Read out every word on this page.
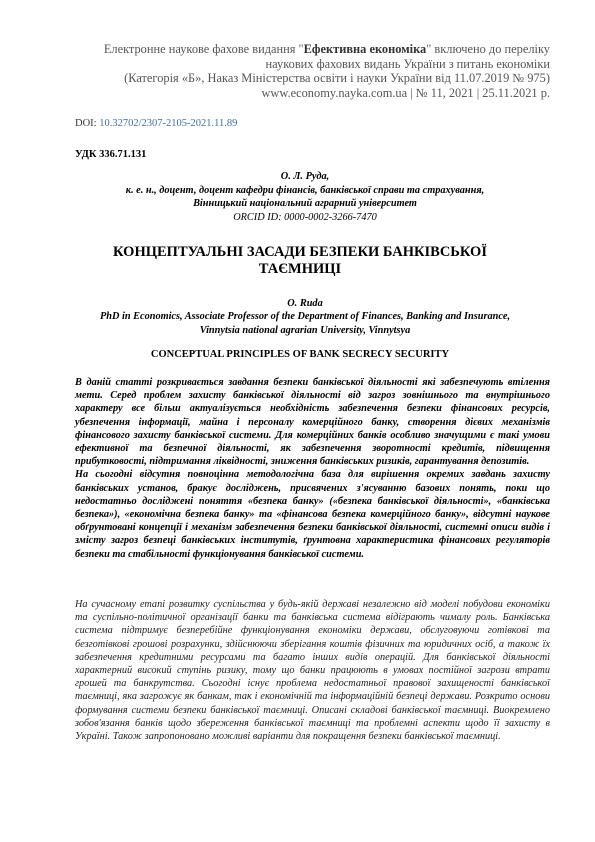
Електронне наукове фахове видання "Ефективна економіка" включено до переліку
наукових фахових видань України з питань економіки
(Категорія «Б», Наказ Міністерства освіти і науки України від 11.07.2019 № 975)
www.economy.nayka.com.ua | № 11, 2021 | 25.11.2021 р.
DOI: 10.32702/2307-2105-2021.11.89
УДК 336.71.131
О. Л. Руда,
к. е. н., доцент, доцент кафедри фінансів, банківської справи та страхування,
Вінницький національний аграрний університет
ORCID ID: 0000-0002-3266-7470
КОНЦЕПТУАЛЬНІ ЗАСАДИ БЕЗПЕКИ БАНКІВСЬКОЇ ТАЄМНИЦІ
O. Ruda
PhD in Economics, Associate Professor of the Department of Finances, Banking and Insurance,
Vinnytsia national agrarian University, Vinnytsya
CONCEPTUAL PRINCIPLES OF BANK SECRECY SECURITY

В даній статті розкривається завдання безпеки банківської діяльності які забезпечують втілення мети. Серед проблем захисту банківської діяльності від загроз зовнішнього та внутрішнього характеру все більш актуалізується необхідність забезпечення безпеки фінансових ресурсів, убезпечення інформації, майна і персоналу комерційного банку, створення дієвих механізмів фінансового захисту банківської системи. Для комерційних банків особливо значущими є такі умови ефективної та безпечної діяльності, як забезпечення зворотності кредитів, підвищення прибутковості, підтримання ліквідності, зниження банківських ризиків, гарантування депозитів.

На сьогодні відсутня повноцінна методологічна база для вирішення окремих завдань захисту банківських установ, бракує досліджень, присвячених з'ясуванню базових понять, поки що недостатньо досліджені поняття «безпека банку» («безпека банківської діяльності», «банківська безпека»), «економічна безпека банку» та «фінансова безпека комерційного банку», відсутні наукове обґрунтовані концепції і механізм забезпечення безпеки банківської діяльності, системні описи видів і змісту загроз безпеці банківських інститутів, ґрунтовна характеристика фінансових регуляторів безпеки та стабільності функціонування банківської системи.

На сучасному етапі розвитку суспільства у будь-якій державі незалежно від моделі побудови економіки та суспільно-політичної організації банки та банківська система відіграють чималу роль. Банківська система підтримує безперебійне функціонування економіки держави, обслуговуючи готівкові та безготівкові грошові розрахунки, здійснюючи зберігання коштів фізичних та юридичних осіб, а також їх забезпечення кредитними ресурсами та багато інших видів операцій. Для банківської діяльності характерний високий ступінь ризику, тому що банки працюють в умовах постійної загрози втрати грошей та банкрутства. Сьогодні існує проблема недостатньої правової захищеності банківської таємниці, яка загрожує як банкам, так і економічній та інформаційній безпеці держави. Розкрито основи формування системи безпеки банківської таємниці. Описані складові банківської таємниці. Виокремлено зобов'язання банків щодо збереження банківської таємниці та проблемні аспекти щодо її захисту в Україні. Також запропоновано можливі варіанти для покращення безпеки банківської таємниці.
